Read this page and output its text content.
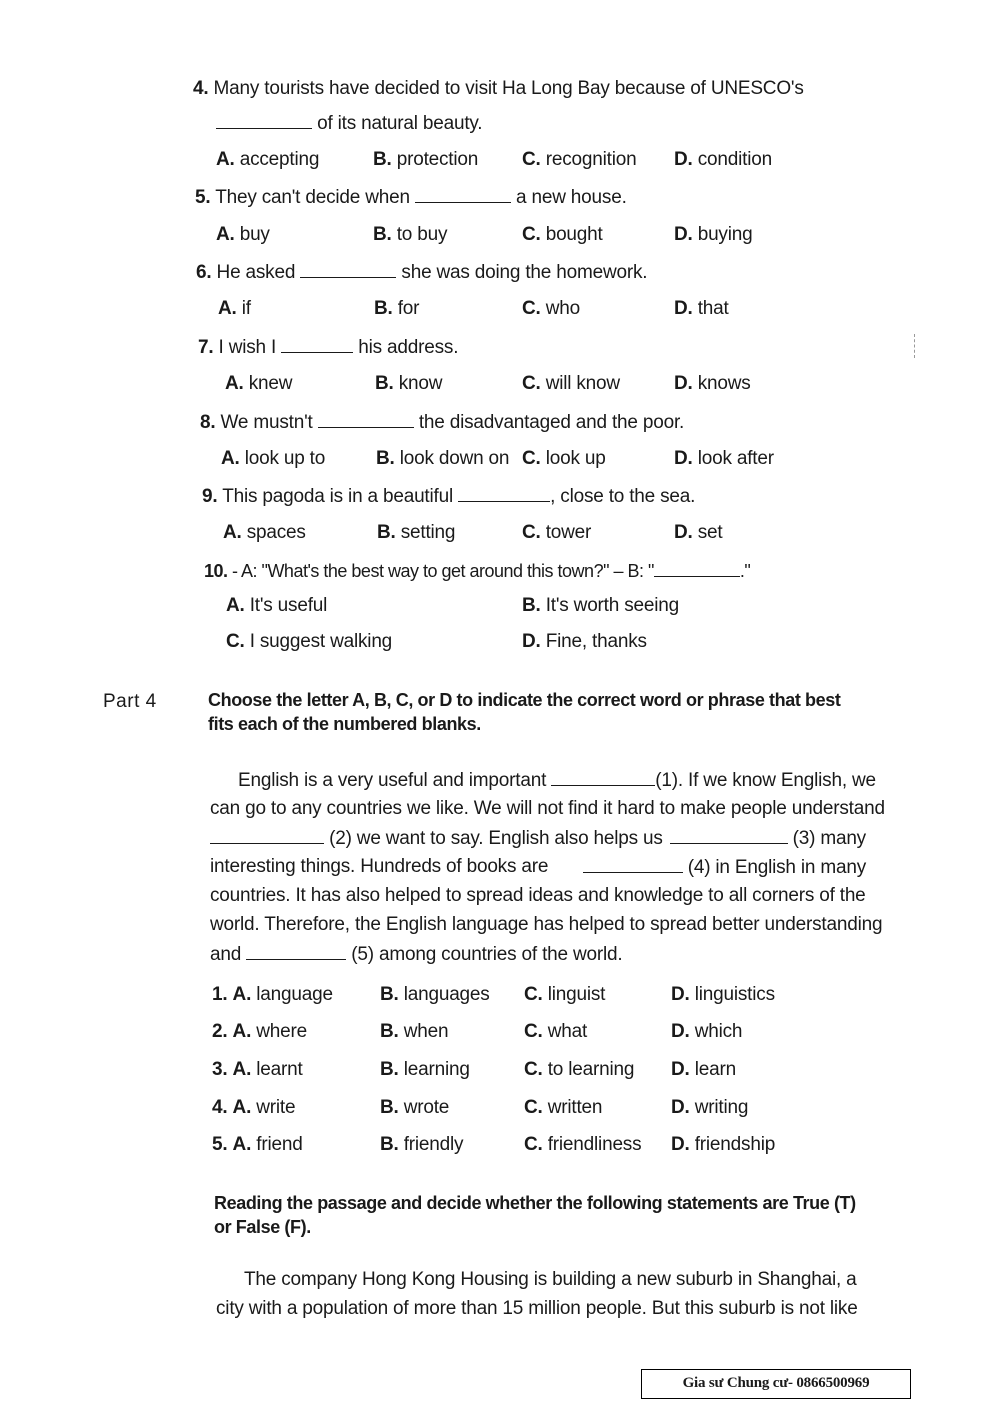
4. Many tourists have decided to visit Ha Long Bay because of UNESCO's
of its natural beauty.
A. accepting	B. protection C. recognition D. condition
5. They can't decide when	a new house.
A. buy	B. to buy	C. bought	D. buying
6. He asked	she was doing the homework.
A. if	B. for	C. who	D. that
7. I wish I	his address.
A. knew	B. know	C. will know	D. knows
8. We mustn't	the disadvantaged and the poor.
A. look up to	B. look down on C. look up	D. look after
9. This pagoda is in a beautiful	, close to the sea.
A. spaces	B. setting	C. tower	D. set
10. - A: "What's the best way to get around this town?" – B: "	."
A. It's useful	B. It's worth seeing
C. I suggest walking	D. Fine, thanks
Part 4	Choose the letter A, B, C, or D to indicate the correct word or phrase that best fits each of the numbered blanks.
English is a very useful and important	(1). If we know English, we
can go to any countries we like. We will not find it hard to make people understand
(2) we want to say. English also helps us	(3) many
interesting things. Hundreds of books are	(4) in English in many
countries. It has also helped to spread ideas and knowledge to all corners of the
world. Therefore, the English language has helped to spread better understanding
and	(5) among countries of the world.
1. A. language B. languages C. linguist	D. linguistics
2. A. where	B. when	C. what	D. which
3. A. learnt	B. learning	C. to learning D. learn
4. A. write	B. wrote	C. written	D. writing
5. A. friend	B. friendly	C. friendliness D. friendship
Reading the passage and decide whether the following statements are True (T) or False (F).
The company Hong Kong Housing is building a new suburb in Shanghai, a
city with a population of more than 15 million people. But this suburb is not like
Gia sư Chung cư- 0866500969
